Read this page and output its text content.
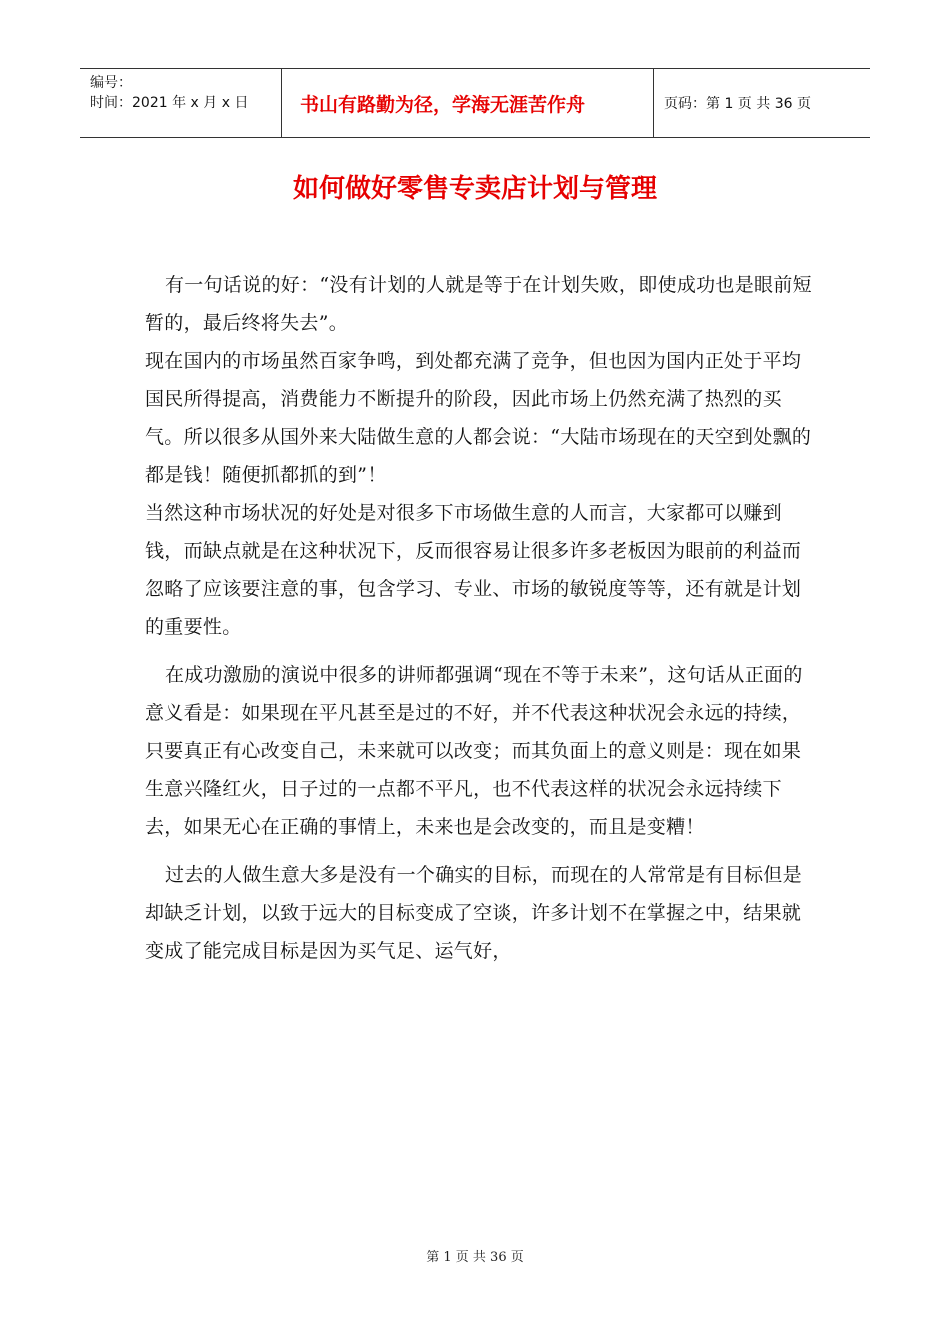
编号：
时间：2021 年 x 月 x 日	书山有路勤为径，学海无涯苦作舟	页码：第 1 页 共 36 页
如何做好零售专卖店计划与管理

有一句话说的好：“没有计划的人就是等于在计划失败，即使成功也是眼前短暂的，最后终将失去”。

现在国内的市场虽然百家争鸣，到处都充满了竞争，但也因为国内正处于平均国民所得提高，消费能力不断提升的阶段，因此市场上仍然充满了热烈的买气。所以很多从国外来大陆做生意的人都会说：“大陆市场现在的天空到处飘的都是钱！随便抓都抓的到”！

当然这种市场状况的好处是对很多下市场做生意的人而言，大家都可以赚到钱，而缺点就是在这种状况下，反而很容易让很多许多老板因为眼前的利益而忽略了应该要注意的事，包含学习、专业、市场的敏锐度等等，还有就是计划的重要性。

在成功激励的演说中很多的讲师都强调“现在不等于未来”，这句话从正面的意义看是：如果现在平凡甚至是过的不好，并不代表这种状况会永远的持续，只要真正有心改变自己，未来就可以改变；而其负面上的意义则是：现在如果生意兴隆红火，日子过的一点都不平凡，也不代表这样的状况会永远持续下去，如果无心在正确的事情上，未来也是会改变的，而且是变糟！

过去的人做生意大多是没有一个确实的目标，而现在的人常常是有目标但是却缺乏计划，以致于远大的目标变成了空谈，许多计划不在掌握之中，结果就变成了能完成目标是因为买气足、运气好，

第 1 页 共 36 页
